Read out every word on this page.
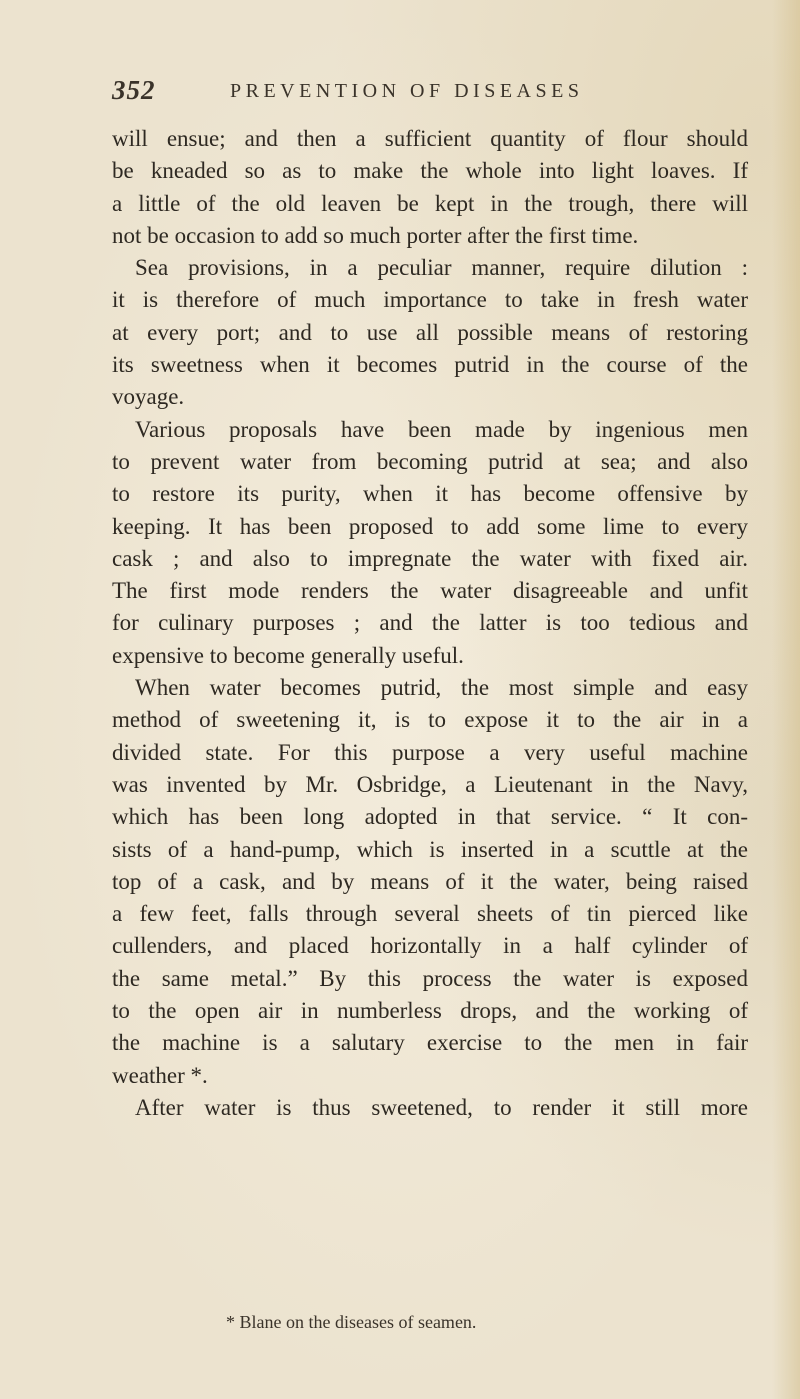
352	PREVENTION OF DISEASES
will ensue; and then a sufficient quantity of flour should
be kneaded so as to make the whole into light loaves. If
a little of the old leaven be kept in the trough, there will
not be occasion to add so much porter after the first time.
Sea provisions, in a peculiar manner, require dilution :
it is therefore of much importance to take in fresh water
at every port; and to use all possible means of restoring
its sweetness when it becomes putrid in the course of the
voyage.
Various proposals have been made by ingenious men
to prevent water from becoming putrid at sea; and also
to restore its purity, when it has become offensive by
keeping. It has been proposed to add some lime to every
cask ; and also to impregnate the water with fixed air.
The first mode renders the water disagreeable and unfit
for culinary purposes ; and the latter is too tedious and
expensive to become generally useful.
When water becomes putrid, the most simple and easy
method of sweetening it, is to expose it to the air in a
divided state. For this purpose a very useful machine
was invented by Mr. Osbridge, a Lieutenant in the Navy,
which has been long adopted in that service. “ It con-
sists of a hand-pump, which is inserted in a scuttle at the
top of a cask, and by means of it the water, being raised
a few feet, falls through several sheets of tin pierced like
cullenders, and placed horizontally in a half cylinder of
the same metal.” By this process the water is exposed
to the open air in numberless drops, and the working of
the machine is a salutary exercise to the men in fair
weather *.
After water is thus sweetened, to render it still more
* Blane on the diseases of seamen.
